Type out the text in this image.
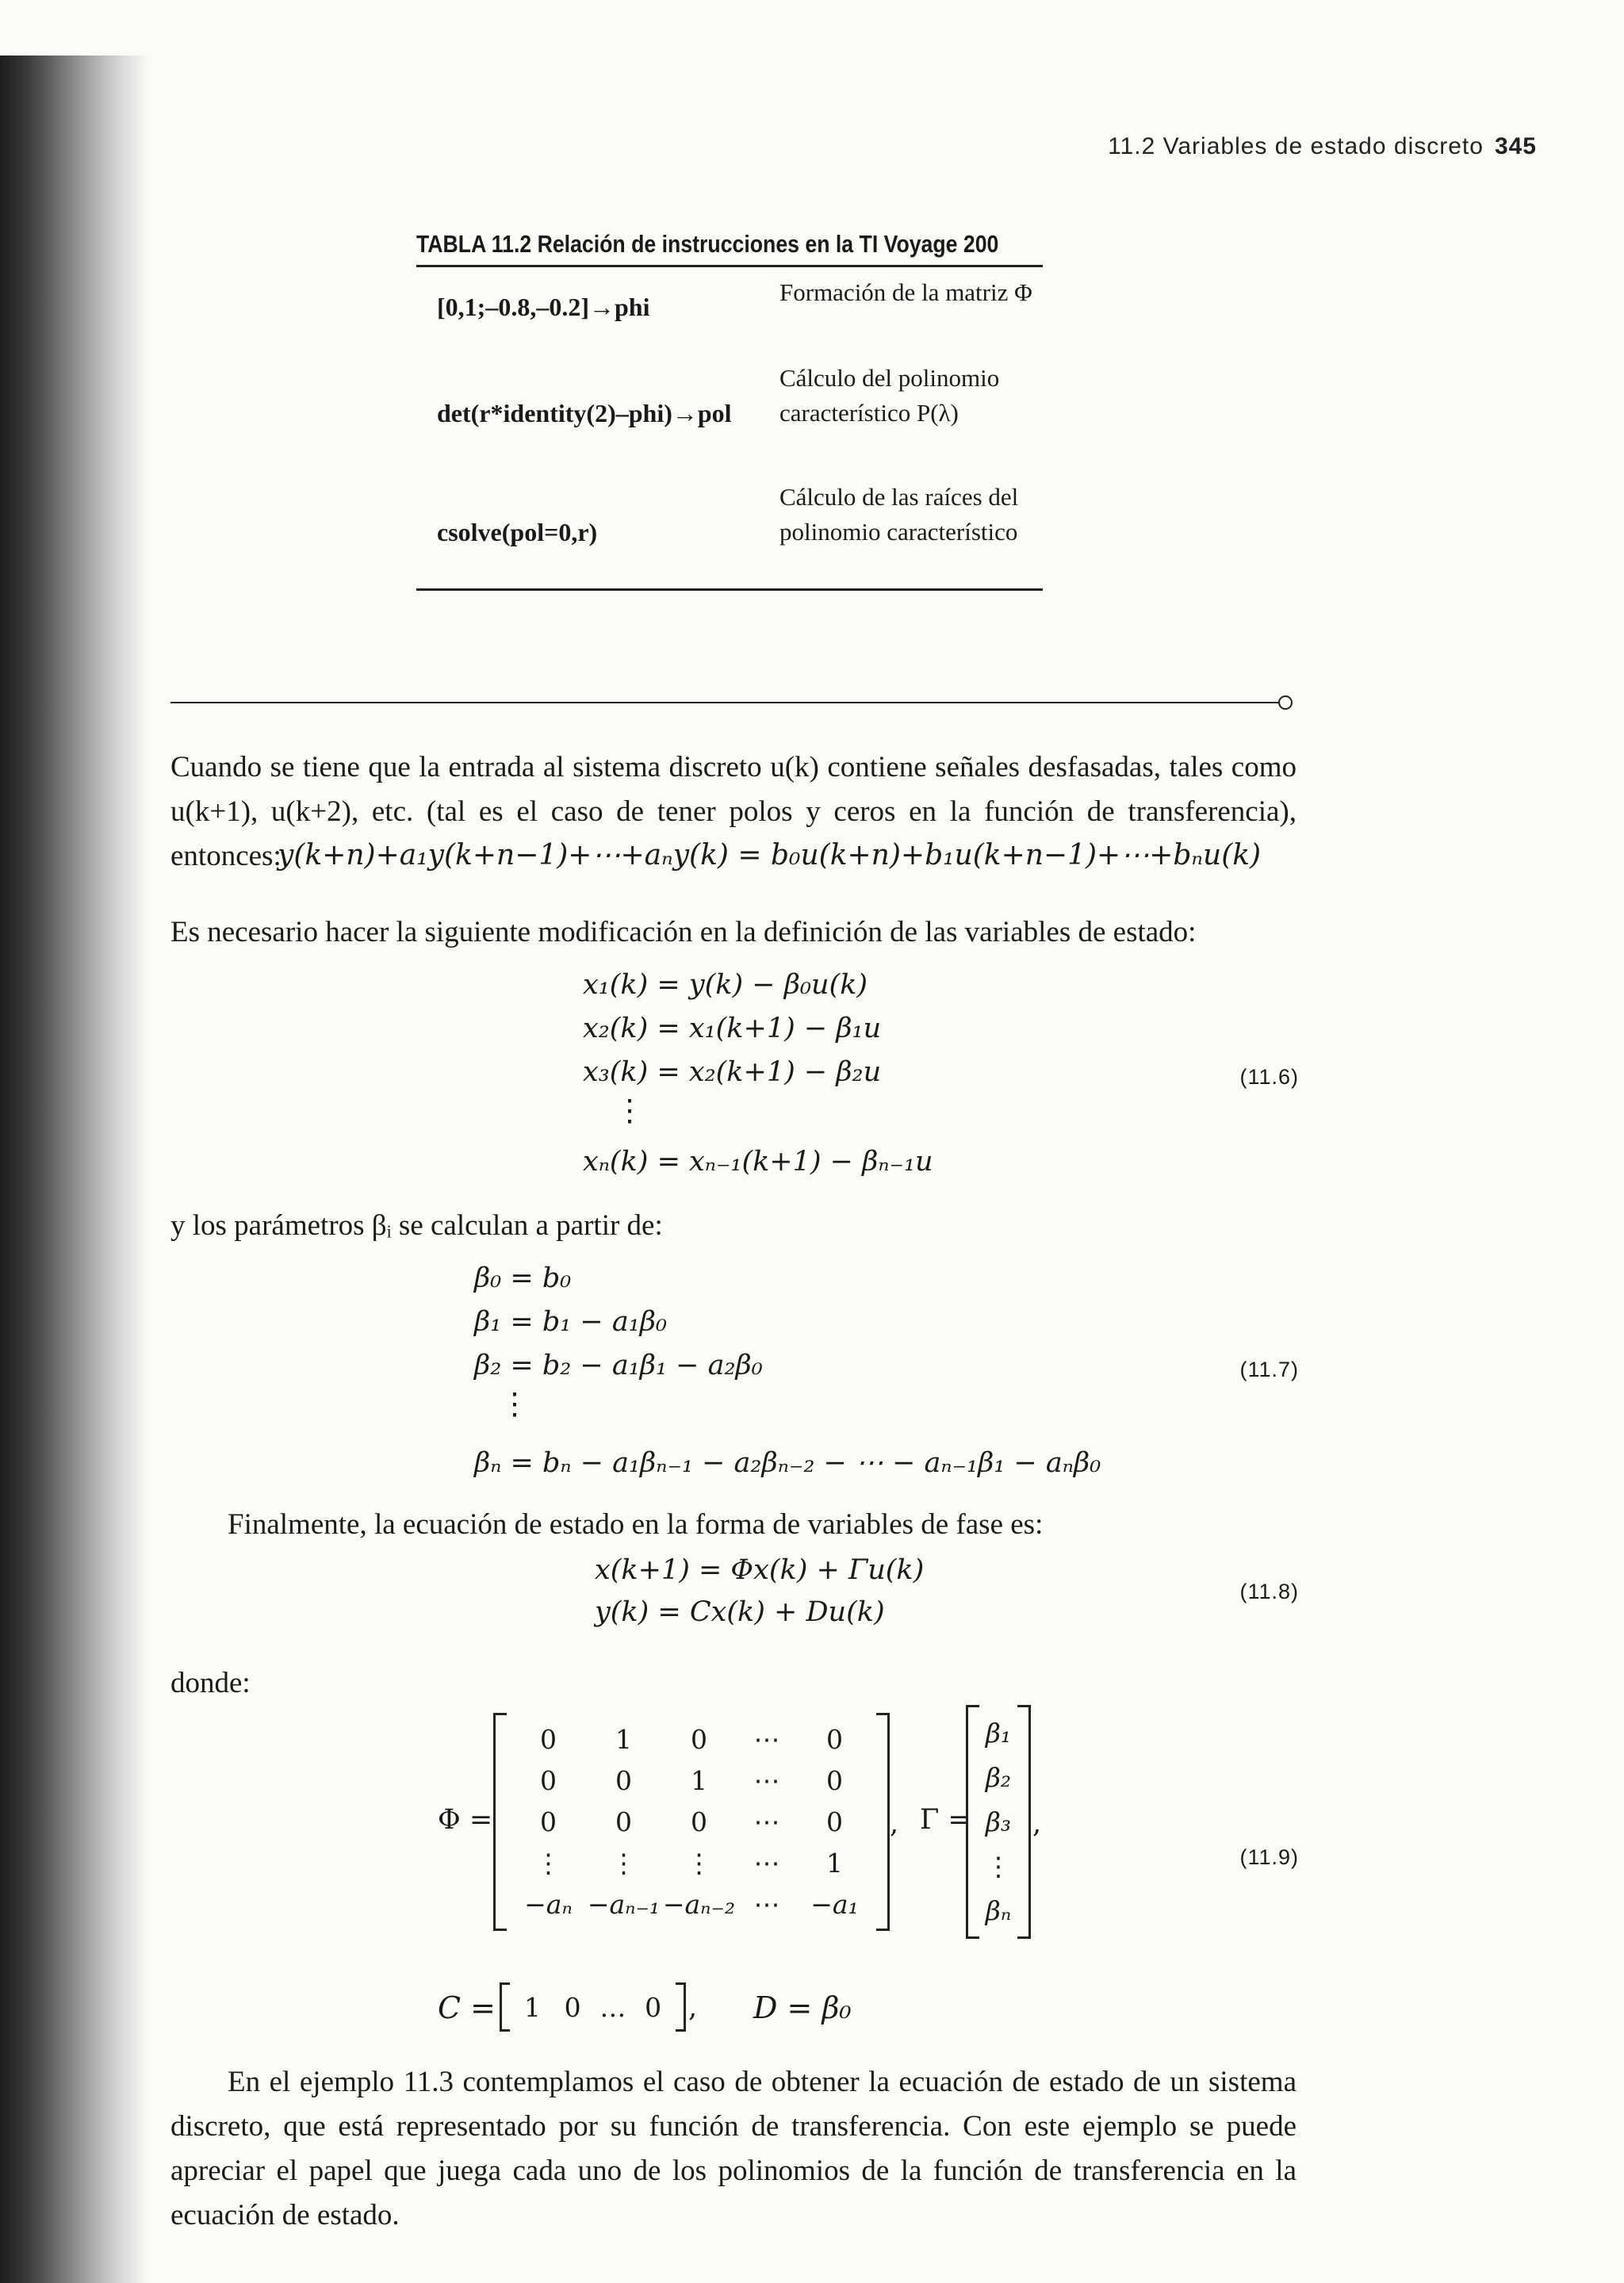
11.2 Variables de estado discreto 345
TABLA 11.2 Relación de instrucciones en la TI Voyage 200
[0,1;–0.8,–0.2]→phi
Formación de la matriz Φ
det(r*identity(2)–phi)→pol
Cálculo del polinomio característico P(λ)
csolve(pol=0,r)
Cálculo de las raíces del polinomio característico
Cuando se tiene que la entrada al sistema discreto u(k) contiene señales desfasadas, tales como u(k+1), u(k+2), etc. (tal es el caso de tener polos y ceros en la función de transferencia), entonces:
y(k+n)+a₁y(k+n−1)+⋯+aₙy(k) = b₀u(k+n)+b₁u(k+n−1)+⋯+bₙu(k)
Es necesario hacer la siguiente modificación en la definición de las variables de estado:
x₁(k) = y(k) − β₀u(k)
x₂(k) = x₁(k+1) − β₁u
x₃(k) = x₂(k+1) − β₂u
⋮
xₙ(k) = xₙ₋₁(k+1) − βₙ₋₁u
(11.6)
y los parámetros βᵢ se calculan a partir de:
β₀ = b₀
β₁ = b₁ − a₁β₀
β₂ = b₂ − a₁β₁ − a₂β₀
⋮
βₙ = bₙ − a₁βₙ₋₁ − a₂βₙ₋₂ − ⋯ − aₙ₋₁β₁ − aₙβ₀
(11.7)
Finalmente, la ecuación de estado en la forma de variables de fase es:
x(k+1) = Φx(k) + Γu(k)
y(k) = Cx(k) + Du(k)
(11.8)
donde:
Φ =
0 1 0 ⋯ 0
0 0 1 ⋯ 0
0 0 0 ⋯ 0
⋮ ⋮ ⋮ ⋯ 1
−aₙ −aₙ₋₁ −aₙ₋₂ ⋯ −a₁
, Γ =
β₁
β₂
β₃
⋮
βₙ
,
(11.9)
C = 1 0 … 0 , D = β₀
En el ejemplo 11.3 contemplamos el caso de obtener la ecuación de estado de un sistema discreto, que está representado por su función de transferencia. Con este ejemplo se puede apreciar el papel que juega cada uno de los polinomios de la función de transferencia en la ecuación de estado.
